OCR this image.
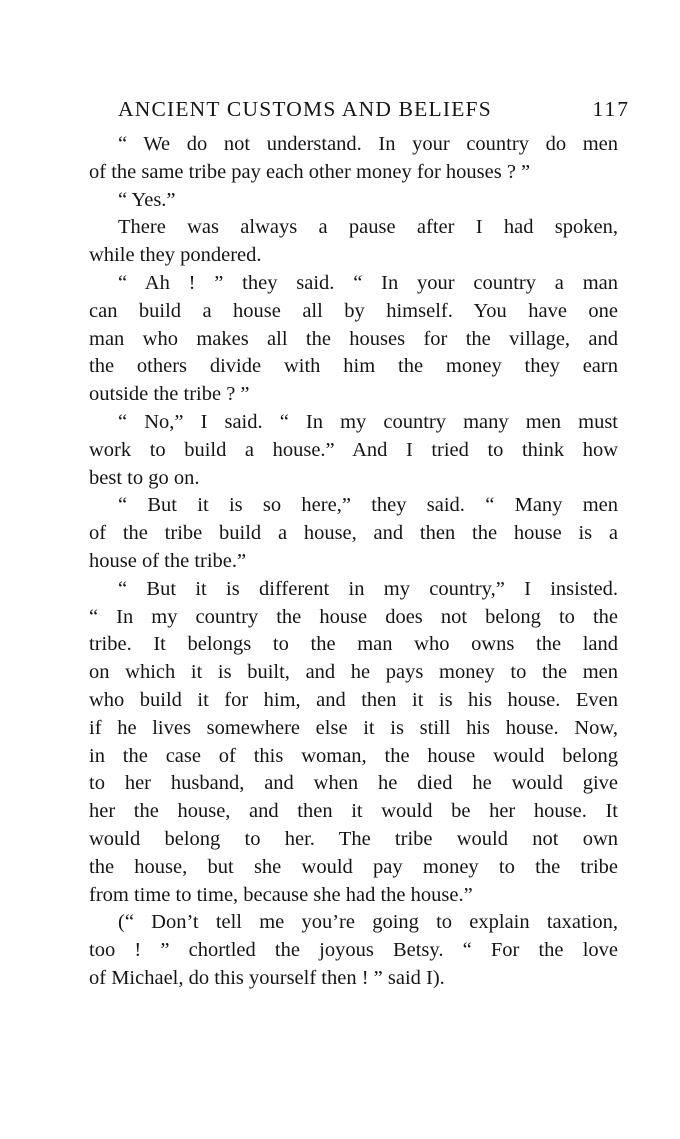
ANCIENT CUSTOMS AND BELIEFS	117
“ We do not understand. In your country do men
of the same tribe pay each other money for houses ? ”
“ Yes.”
There was always a pause after I had spoken,
while they pondered.
“ Ah ! ” they said. “ In your country a man
can build a house all by himself. You have one
man who makes all the houses for the village, and
the others divide with him the money they earn
outside the tribe ? ”
“ No,” I said. “ In my country many men must
work to build a house.” And I tried to think how
best to go on.
“ But it is so here,” they said. “ Many men
of the tribe build a house, and then the house is a
house of the tribe.”
“ But it is different in my country,” I insisted.
“ In my country the house does not belong to the
tribe. It belongs to the man who owns the land
on which it is built, and he pays money to the men
who build it for him, and then it is his house. Even
if he lives somewhere else it is still his house. Now,
in the case of this woman, the house would belong
to her husband, and when he died he would give
her the house, and then it would be her house. It
would belong to her. The tribe would not own
the house, but she would pay money to the tribe
from time to time, because she had the house.”
(“ Don’t tell me you’re going to explain taxation,
too ! ” chortled the joyous Betsy. “ For the love
of Michael, do this yourself then ! ” said I).
